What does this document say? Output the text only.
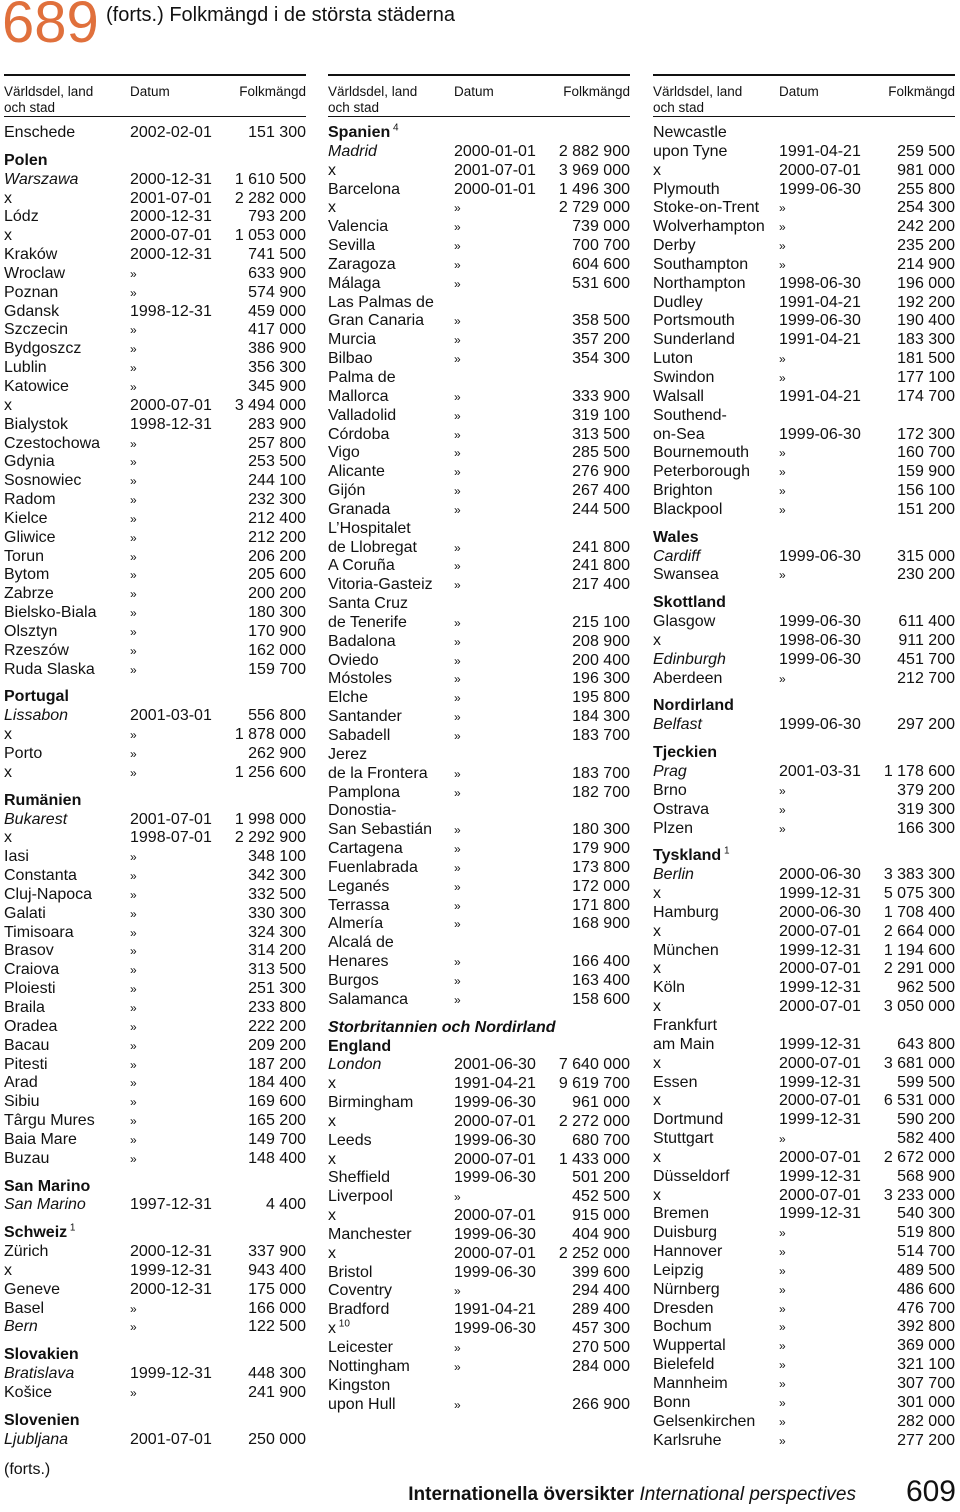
689 (forts.) Folkmängd i de största städerna
Världsdel, land
och stad
Datum	Folkmängd
Enschede	2002-02-01 151 300
Polen
Warszawa	2000-12-31 1 610 500
x	2001-07-01 2 282 000
Lódz	2000-12-31 793 200
x	2000-07-01 1 053 000
Kraków	2000-12-31 741 500
Wroclaw	»	633 900
Poznan	»	574 900
Gdansk	1998-12-31 459 000
Szczecin	»	417 000
Bydgoszcz	»	386 900
Lublin	»	356 300
Katowice	»	345 900
x	2000-07-01 3 494 000
Bialystok	1998-12-31 283 900
Czestochowa »	257 800
Gdynia	»	253 500
Sosnowiec	»	244 100
Radom	»	232 300
Kielce	»	212 400
Gliwice	»	212 200
Torun	»	206 200
Bytom	»	205 600
Zabrze	»	200 200
Bielsko-Biala	»	180 300
Olsztyn	»	170 900
Rzeszów	»	162 000
Ruda Slaska	»	159 700
Portugal
Lissabon	2001-03-01 556 800
x	»	1 878 000
Porto	»	262 900
x	»	1 256 600
Rumänien
Bukarest	2001-07-01 1 998 000
x	1998-07-01 2 292 900
Iasi	»	348 100
Constanta	»	342 300
Cluj-Napoca	»	332 500
Galati	»	330 300
Timisoara	»	324 300
Brasov	»	314 200
Craiova	»	313 500
Ploiesti	»	251 300
Braila	»	233 800
Oradea	»	222 200
Bacau	»	209 200
Pitesti	»	187 200
Arad	»	184 400
Sibiu	»	169 600
Târgu Mures	»	165 200
Baia Mare	»	149 700
Buzau	»	148 400
San Marino
San Marino	1997-12-31	4 400
Schweiz $^1$
Zürich	2000-12-31 337 900
x	1999-12-31 943 400
Geneve	2000-12-31 175 000
Basel	»	166 000
Bern	»	122 500
Slovakien
Bratislava	1999-12-31 448 300
Košice	»	241 900
Slovenien
Ljubljana	2001-07-01 250 000
Världsdel, land
och stad
Datum	Folkmängd
Spanien $^4$
Madrid	2000-01-01 2 882 900
x	2001-07-01 3 969 000
Barcelona	2000-01-01 1 496 300
x	»	2 729 000
Valencia	»	739 000
Sevilla	»	700 700
Zaragoza	»	604 600
Málaga	»	531 600
Las Palmas de
Gran Canaria »	358 500
Murcia	»	357 200
Bilbao	»	354 300
Palma de
Mallorca	»	333 900
Valladolid	»	319 100
Córdoba	»	313 500
Vigo	»	285 500
Alicante	»	276 900
Gijón	»	267 400
Granada	»	244 500
L’Hospitalet
de Llobregat	»	241 800
A Coruña	»	241 800
Vitoria-Gasteiz »	217 400
Santa Cruz
de Tenerife	»	215 100
Badalona	»	208 900
Oviedo	»	200 400
Móstoles	»	196 300
Elche	»	195 800
Santander	»	184 300
Sabadell	»	183 700
Jerez
de la Frontera »	183 700
Pamplona	»	182 700
Donostia-
San Sebastián »	180 300
Cartagena	»	179 900
Fuenlabrada	»	173 800
Leganés	»	172 000
Terrassa	»	171 800
Almería	»	168 900
Alcalá de
Henares	»	166 400
Burgos	»	163 400
Salamanca	»	158 600
Storbritannien och Nordirland
England
London	2001-06-30 7 640 000
x	1991-04-21 9 619 700
Birmingham	1999-06-30 961 000
x	2000-07-01 2 272 000
Leeds	1999-06-30 680 700
x	2000-07-01 1 433 000
Sheffield	1999-06-30 501 200
Liverpool	»	452 500
x	2000-07-01 915 000
Manchester	1999-06-30 404 900
x	2000-07-01 2 252 000
Bristol	1999-06-30 399 600
Coventry	»	294 400
Bradford	1991-04-21 289 400
x $^{10}$	1999-06-30 457 300
Leicester	»	270 500
Nottingham	»	284 000
Kingston
upon Hull	»	266 900
Världsdel, land
och stad
Datum	Folkmängd
Newcastle
upon Tyne	1991-04-21 259 500
x	2000-07-01 981 000
Plymouth	1999-06-30 255 800
Stoke-on-Trent »	254 300
Wolverhampton »	242 200
Derby	»	235 200
Southampton	»	214 900
Northampton 1998-06-30 196 000
Dudley	1991-04-21 192 200
Portsmouth	1999-06-30 190 400
Sunderland	1991-04-21 183 300
Luton	»	181 500
Swindon	»	177 100
Walsall	1991-04-21 174 700
Southend-
on-Sea	1999-06-30 172 300
Bournemouth »	160 700
Peterborough »	159 900
Brighton	»	156 100
Blackpool	»	151 200
Wales
Cardiff	1999-06-30 315 000
Swansea	»	230 200
Skottland
Glasgow	1999-06-30 611 400
x	1998-06-30 911 200
Edinburgh	1999-06-30 451 700
Aberdeen	»	212 700
Nordirland
Belfast	1999-06-30 297 200
Tjeckien
Prag	2001-03-31 1 178 600
Brno	»	379 200
Ostrava	»	319 300
Plzen	»	166 300
Tyskland $^1$
Berlin	2000-06-30 3 383 300
x	1999-12-31 5 075 300
Hamburg	2000-06-30 1 708 400
x	2000-07-01 2 664 000
München	1999-12-31 1 194 600
x	2000-07-01 2 291 000
Köln	1999-12-31 962 500
x	2000-07-01 3 050 000
Frankfurt
am Main	1999-12-31 643 800
x	2000-07-01 3 681 000
Essen	1999-12-31 599 500
x	2000-07-01 6 531 000
Dortmund	1999-12-31 590 200
Stuttgart	»	582 400
x	2000-07-01 2 672 000
Düsseldorf	1999-12-31 568 900
x	2000-07-01 3 233 000
Bremen	1999-12-31 540 300
Duisburg	»	519 800
Hannover	»	514 700
Leipzig	»	489 500
Nürnberg	»	486 600
Dresden	»	476 700
Bochum	»	392 800
Wuppertal	»	369 000
Bielefeld	»	321 100
Mannheim	»	307 700
Bonn	»	301 000
Gelsenkirchen »	282 000
Karlsruhe	»	277 200
(forts.)
Internationella översikter International perspectives 609
